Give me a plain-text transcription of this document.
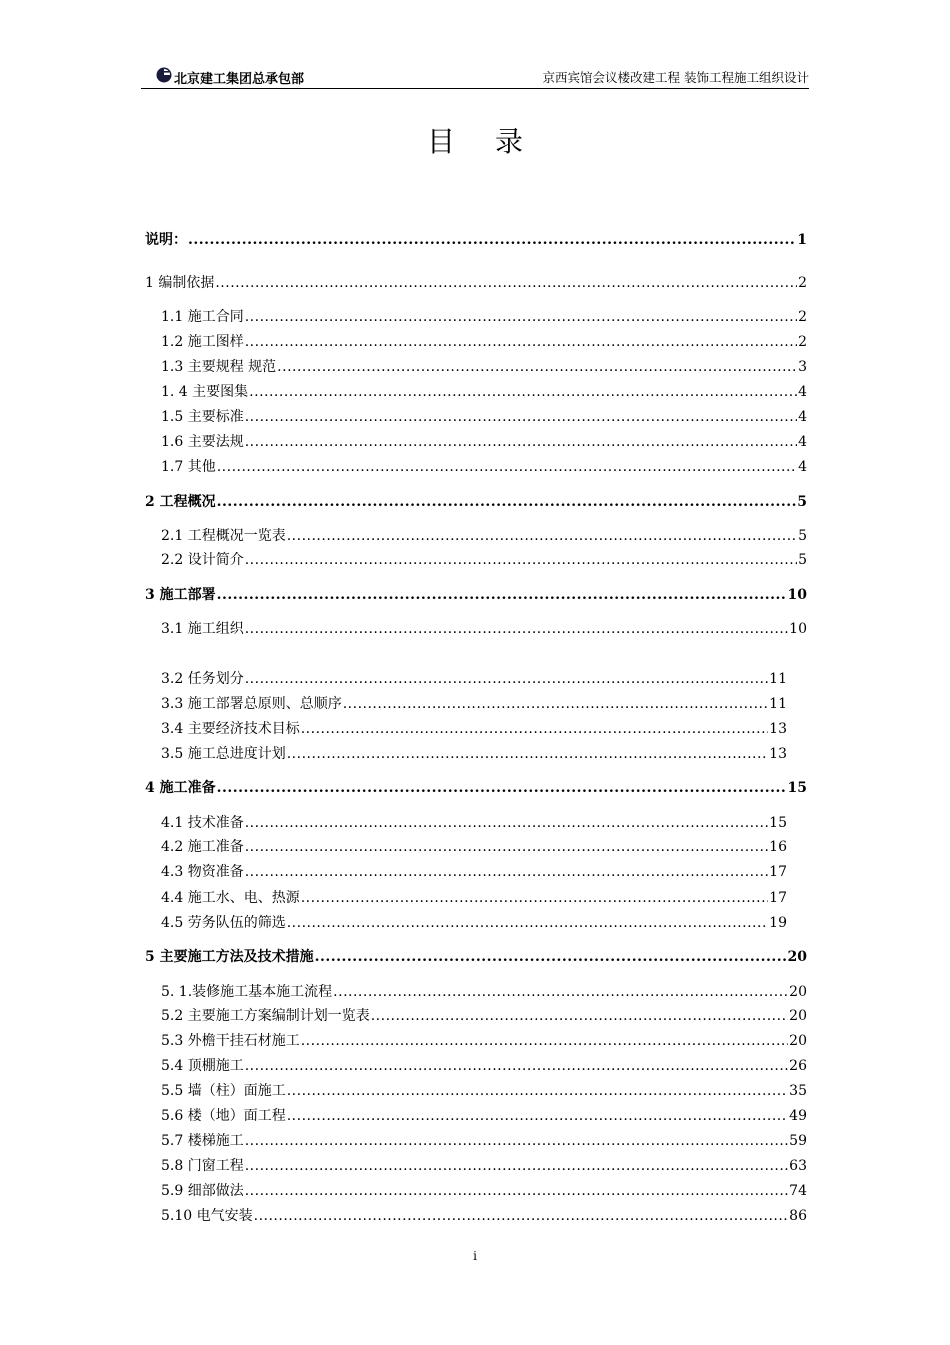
北京建工集团总承包部	京西宾馆会议楼改建工程 装饰工程施工组织设计
目录
说明： .....	1
1 编制依据 .....	2
1.1 施工合同 .....	2
1.2 施工图样 .....	2
1.3 主要规程 规范 .....	3
1. 4 主要图集 .....	4
1.5 主要标准 .....	4
1.6 主要法规 .....	4
1.7 其他 .....	4
2 工程概况 .....	5
2.1 工程概况一览表 .....	5
2.2 设计简介 .....	5
3 施工部署 .....	10
3.1 施工组织 .....	10
3.2 任务划分 .....	11
3.3 施工部署总原则、总顺序 .....	11
3.4 主要经济技术目标 .....	13
3.5 施工总进度计划 .....	13
4 施工准备 .....	15
4.1 技术准备 .....	15
4.2 施工准备 .....	16
4.3 物资准备 .....	17
4.4 施工水、电、热源 .....	17
4.5 劳务队伍的筛选 .....	19
5 主要施工方法及技术措施 .....	20
5. 1.装修施工基本施工流程 .....	20
5.2 主要施工方案编制计划一览表 .....	20
5.3 外檐干挂石材施工 .....	20
5.4 顶棚施工 .....	26
5.5 墙（柱）面施工 .....	35
5.6 楼（地）面工程 .....	49
5.7 楼梯施工 .....	59
5.8 门窗工程 .....	63
5.9 细部做法 .....	74
5.10 电气安装 .....	86
i
